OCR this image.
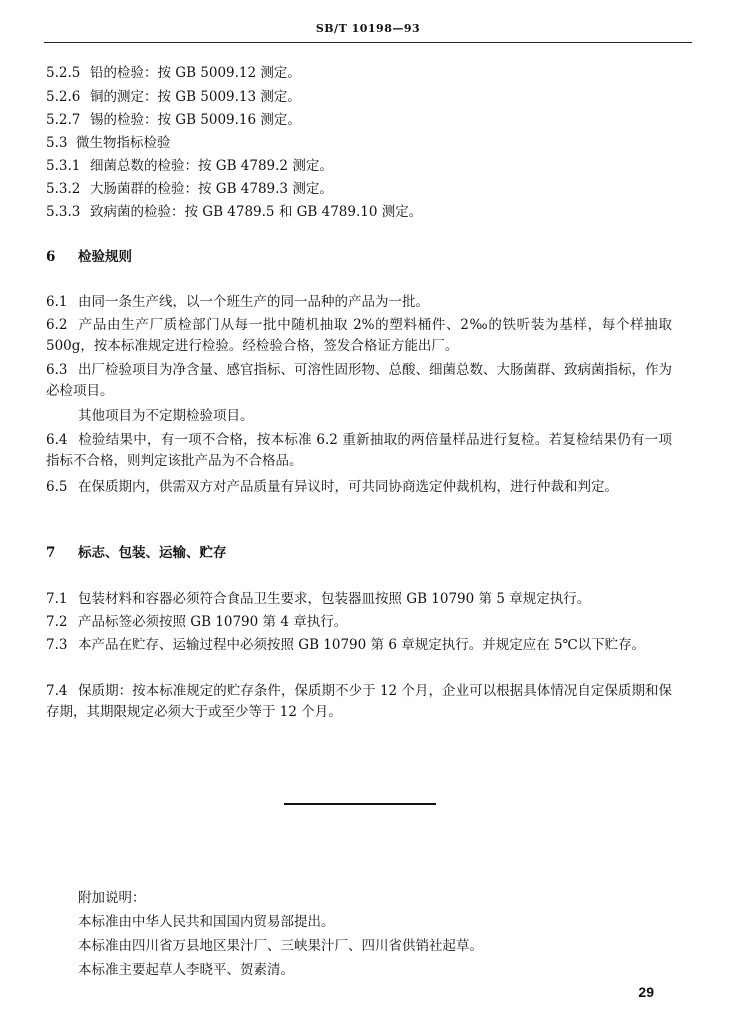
SB/T 10198—93
5.2.5 铅的检验：按 GB 5009.12 测定。
5.2.6 铜的测定：按 GB 5009.13 测定。
5.2.7 锡的检验：按 GB 5009.16 测定。
5.3 微生物指标检验
5.3.1 细菌总数的检验：按 GB 4789.2 测定。
5.3.2 大肠菌群的检验：按 GB 4789.3 测定。
5.3.3 致病菌的检验：按 GB 4789.5 和 GB 4789.10 测定。
6 检验规则
6.1 由同一条生产线，以一个班生产的同一品种的产品为一批。
6.2 产品由生产厂质检部门从每一批中随机抽取 2%的塑料桶件、2‰的铁听装为基样，每个样抽取 500g，按本标准规定进行检验。经检验合格，签发合格证方能出厂。
6.3 出厂检验项目为净含量、感官指标、可溶性固形物、总酸、细菌总数、大肠菌群、致病菌指标，作为必检项目。
其他项目为不定期检验项目。
6.4 检验结果中，有一项不合格，按本标准 6.2 重新抽取的两倍量样品进行复检。若复检结果仍有一项指标不合格，则判定该批产品为不合格品。
6.5 在保质期内，供需双方对产品质量有异议时，可共同协商选定仲裁机构，进行仲裁和判定。
7 标志、包装、运输、贮存
7.1 包装材料和容器必须符合食品卫生要求，包装器皿按照 GB 10790 第 5 章规定执行。
7.2 产品标签必须按照 GB 10790 第 4 章执行。
7.3 本产品在贮存、运输过程中必须按照 GB 10790 第 6 章规定执行。并规定应在 5℃以下贮存。
7.4 保质期：按本标准规定的贮存条件，保质期不少于 12 个月，企业可以根据具体情况自定保质期和保存期，其期限规定必须大于或至少等于 12 个月。
附加说明：
本标准由中华人民共和国国内贸易部提出。
本标准由四川省万县地区果汁厂、三峡果汁厂、四川省供销社起草。
本标准主要起草人李晓平、贺素清。
29
